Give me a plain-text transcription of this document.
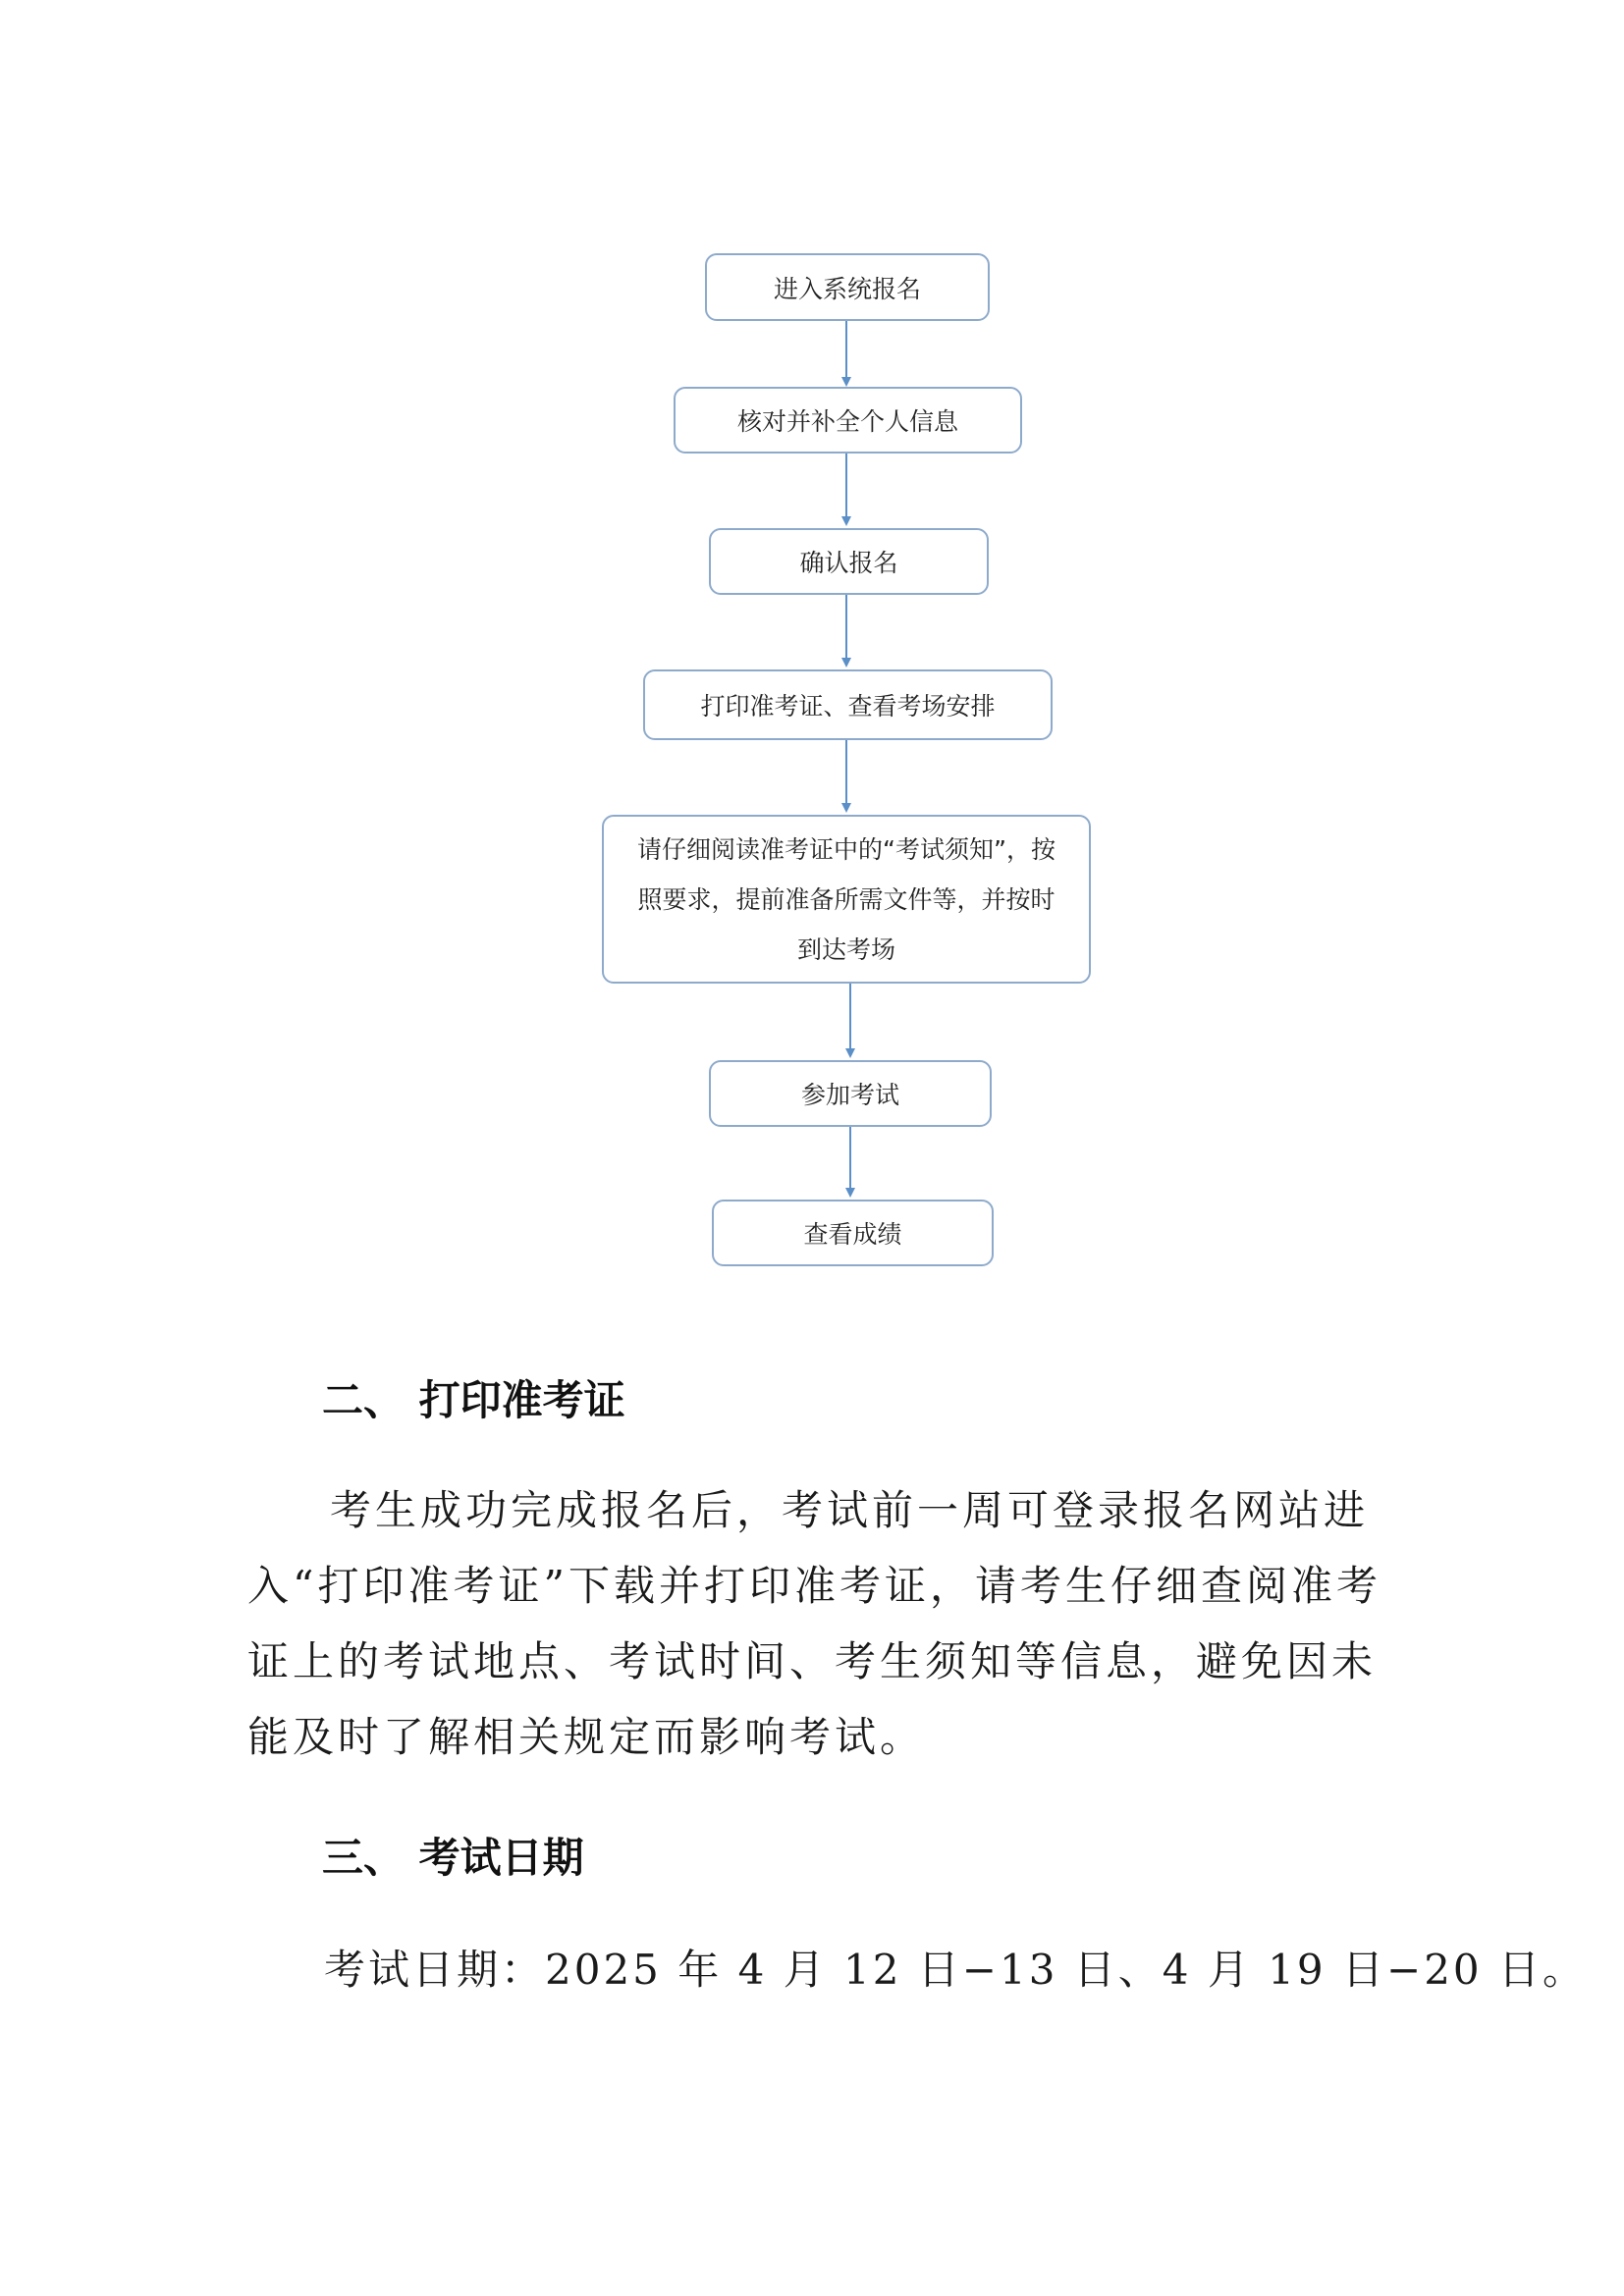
进入系统报名
核对并补全个人信息
确认报名
打印准考证、查看考场安排
请仔细阅读准考证中的“考试须知”，按照要求，提前准备所需文件等，并按时到达考场
参加考试
查看成绩
二、 打印准考证
考生成功完成报名后，考试前一周可登录报名网站进入“打印准考证”下载并打印准考证，请考生仔细查阅准考证上的考试地点、考试时间、考生须知等信息，避免因未能及时了解相关规定而影响考试。
三、 考试日期
考试日期：2025 年 4 月 12 日−13 日、4 月 19 日−20 日。
